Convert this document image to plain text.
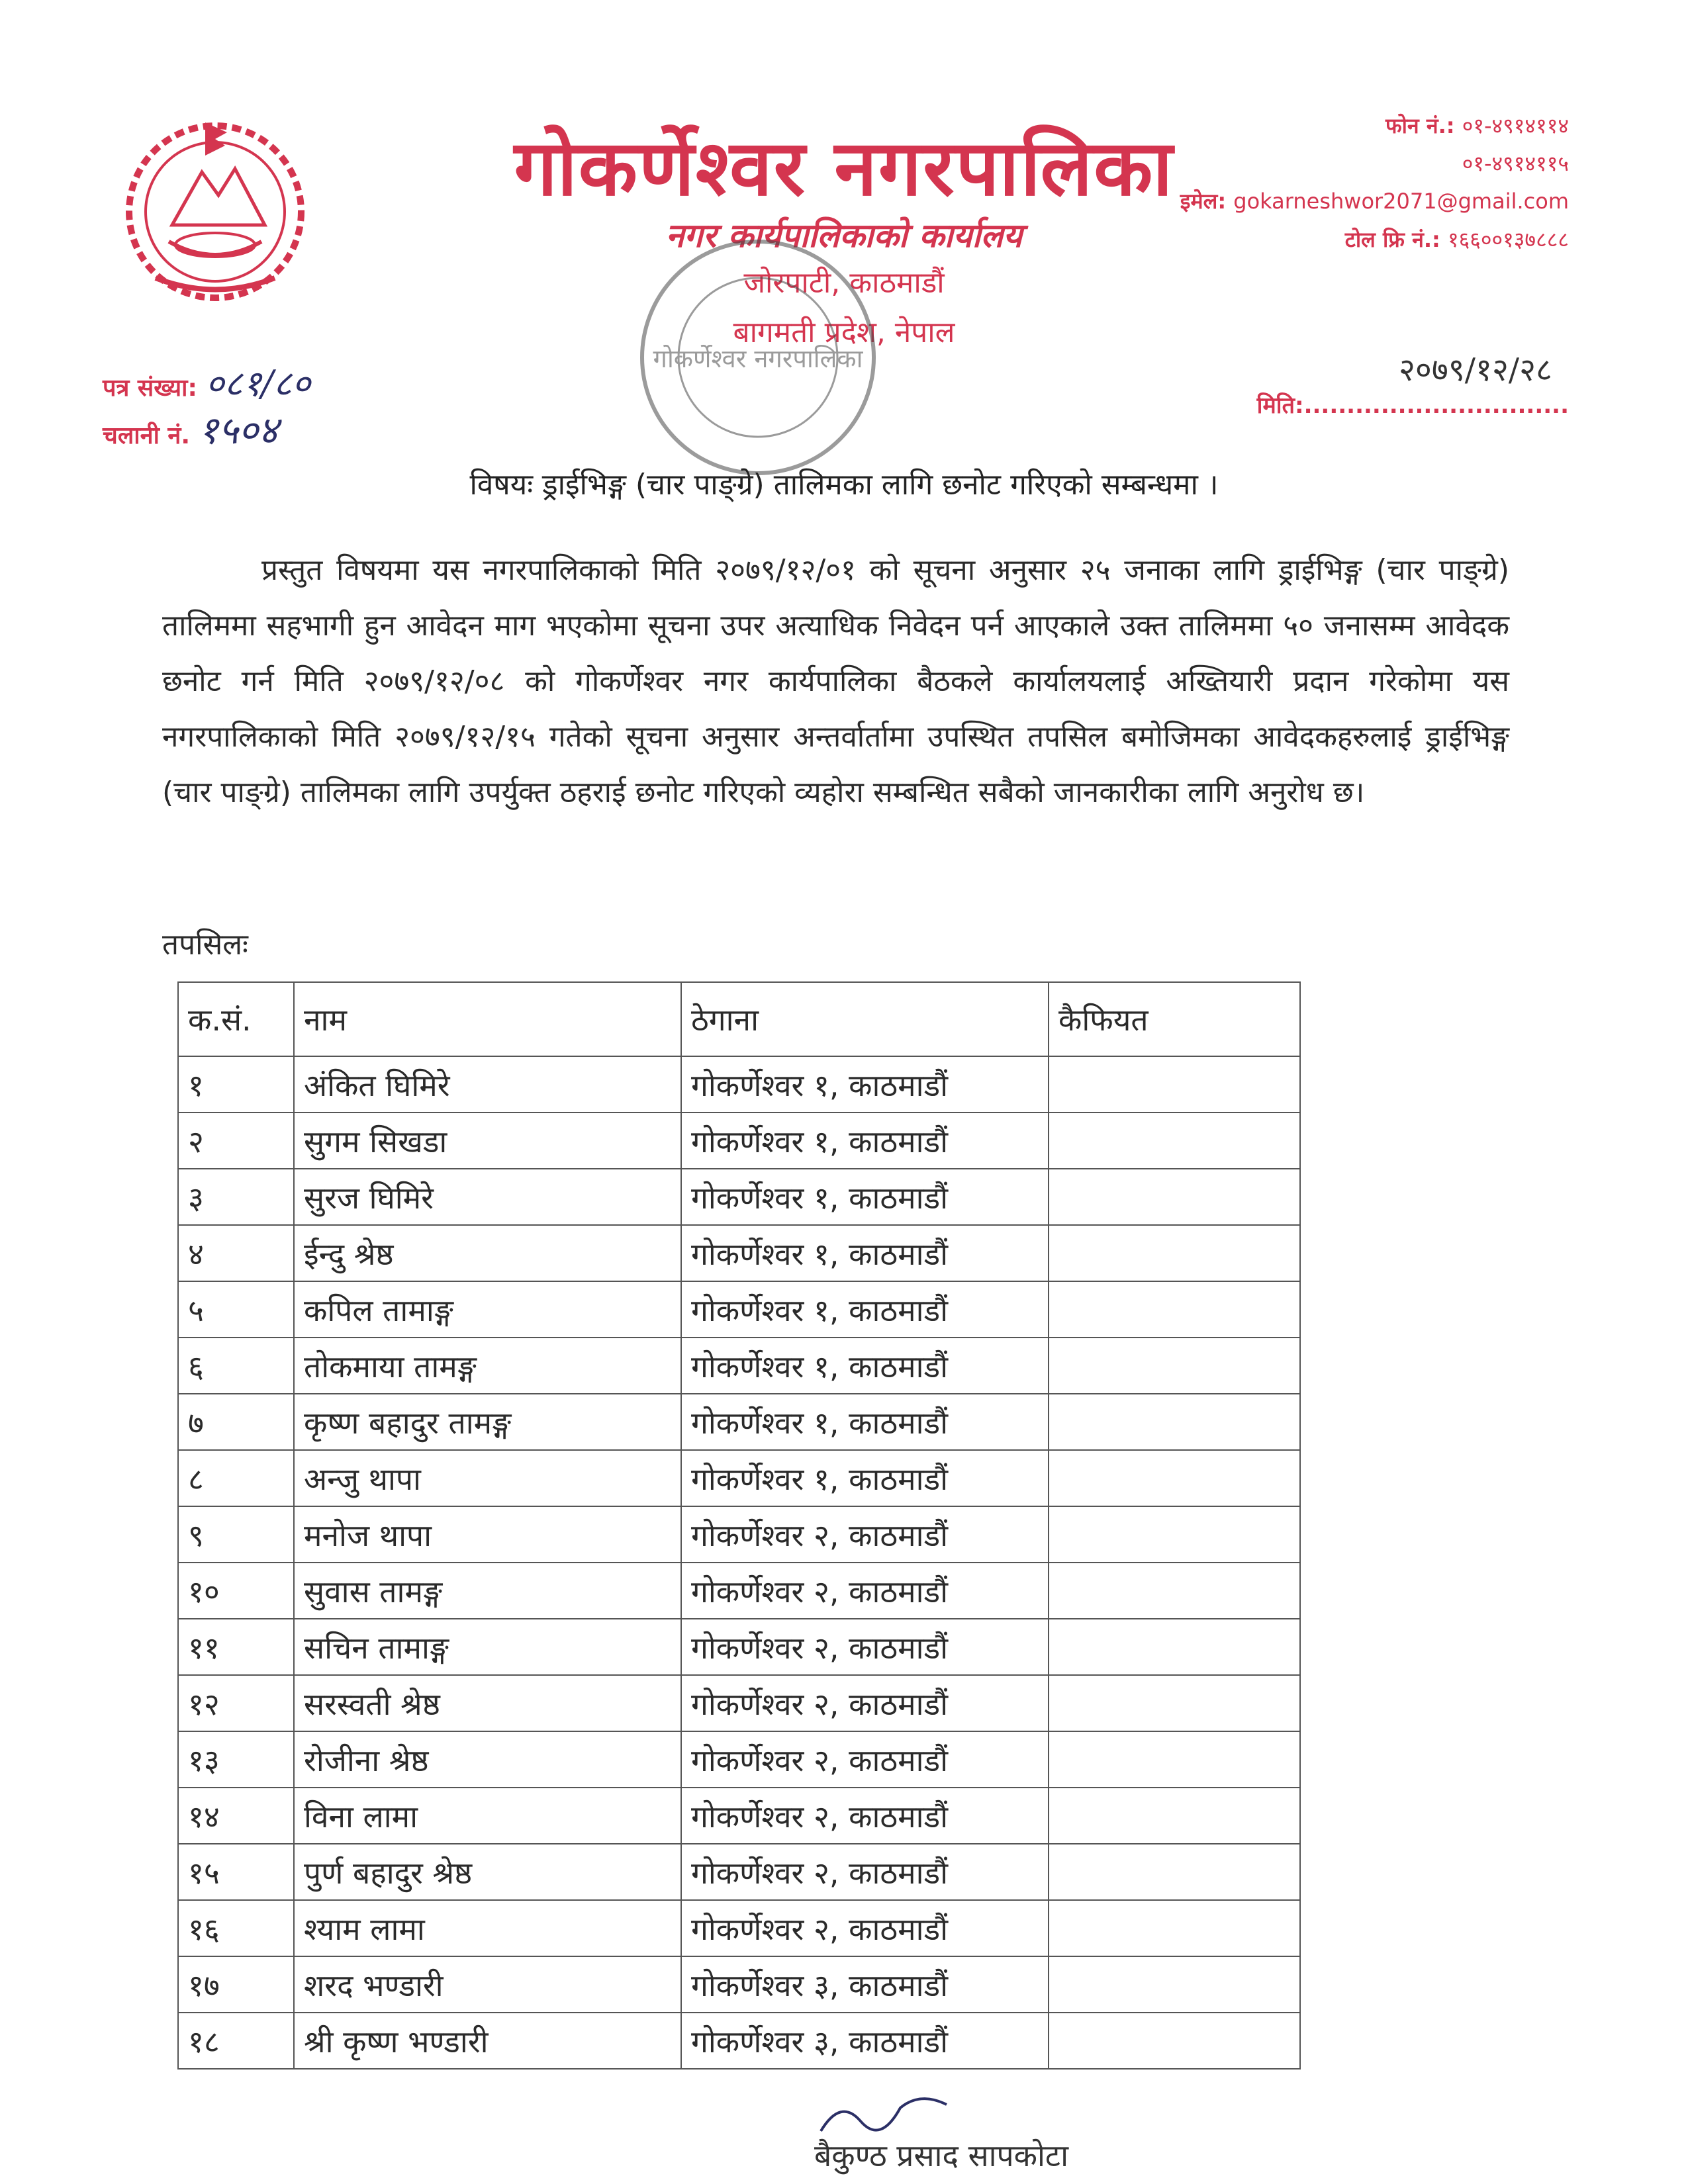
गोकर्णेश्वर नगरपालिका
नगर कार्यपालिकाको कार्यालय
जोरपाटी, काठमाडौं
बागमती प्रदेश, नेपाल
फोन नं.: ०१-४९१४११४
०१-४९१४११५
इमेल: gokarneshwor2071@gmail.com
टोल फ्रि नं.: १६६००१३७८८८
गोकर्णेश्वर नगरपालिका
पत्र संख्या: ०८१/८०
चलानी नं. १५०४
२०७९/१२/२८
मिति:...............................
विषयः ड्राईभिङ्ग (चार पाङ्ग्रे) तालिमका लागि छनोट गरिएको सम्बन्धमा ।
प्रस्तुत विषयमा यस नगरपालिकाको मिति २०७९/१२/०१ को सूचना अनुसार २५ जनाका लागि ड्राईभिङ्ग (चार पाङ्ग्रे) तालिममा सहभागी हुन आवेदन माग भएकोमा सूचना उपर अत्याधिक निवेदन पर्न आएकाले उक्त तालिममा ५० जनासम्म आवेदक छनोट गर्न मिति २०७९/१२/०८ को गोकर्णेश्वर नगर कार्यपालिका बैठकले कार्यालयलाई अख्तियारी प्रदान गरेकोमा यस नगरपालिकाको मिति २०७९/१२/१५ गतेको सूचना अनुसार अन्तर्वार्तामा उपस्थित तपसिल बमोजिमका आवेदकहरुलाई ड्राईभिङ्ग (चार पाङ्ग्रे) तालिमका लागि उपर्युक्त ठहराई छनोट गरिएको व्यहोरा सम्बन्धित सबैको जानकारीका लागि अनुरोध छ।
तपसिलः
क.सं.	नाम	ठेगाना	कैफियत
१	अंकित घिमिरे	गोकर्णेश्वर १, काठमाडौं	
२	सुगम सिखडा	गोकर्णेश्वर १, काठमाडौं	
३	सुरज घिमिरे	गोकर्णेश्वर १, काठमाडौं	
४	ईन्दु श्रेष्ठ	गोकर्णेश्वर १, काठमाडौं	
५	कपिल तामाङ्ग	गोकर्णेश्वर १, काठमाडौं	
६	तोकमाया तामङ्ग	गोकर्णेश्वर १, काठमाडौं	
७	कृष्ण बहादुर तामङ्ग	गोकर्णेश्वर १, काठमाडौं	
८	अन्जु थापा	गोकर्णेश्वर १, काठमाडौं	
९	मनोज थापा	गोकर्णेश्वर २, काठमाडौं	
१०	सुवास तामङ्ग	गोकर्णेश्वर २, काठमाडौं	
११	सचिन तामाङ्ग	गोकर्णेश्वर २, काठमाडौं	
१२	सरस्वती श्रेष्ठ	गोकर्णेश्वर २, काठमाडौं	
१३	रोजीना श्रेष्ठ	गोकर्णेश्वर २, काठमाडौं	
१४	विना लामा	गोकर्णेश्वर २, काठमाडौं	
१५	पुर्ण बहादुर श्रेष्ठ	गोकर्णेश्वर २, काठमाडौं	
१६	श्याम लामा	गोकर्णेश्वर २, काठमाडौं	
१७	शरद भण्डारी	गोकर्णेश्वर ३, काठमाडौं	
१८	श्री कृष्ण भण्डारी	गोकर्णेश्वर ३, काठमाडौं	
बैकुण्ठ प्रसाद सापकोटा
